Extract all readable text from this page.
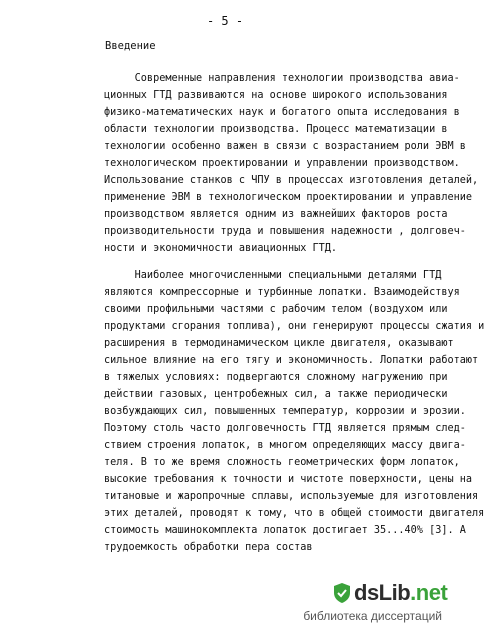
- 5 -
Введение
Современные направления технологии производства авиа-
ционных ГТД развиваются на основе широкого использования
физико-математических наук и богатого опыта исследования в
области технологии производства. Процесс математизации в
технологии особенно важен в связи с возрастанием роли ЭВМ в
технологическом проектировании и управлении производством.
Использование станков с ЧПУ в процессах изготовления деталей,
применение ЭВМ в технологическом проектировании и управление
производством является одним из важнейших факторов роста
производительности труда и повышения надежности , долговеч-
ности и экономичности авиационных ГТД.
Наиболее многочисленными специальными деталями ГТД
являются компрессорные и турбинные лопатки. Взаимодействуя
своими профильными частями с рабочим телом (воздухом или
продуктами сгорания топлива), они генерируют процессы сжатия и
расширения в термодинамическом цикле двигателя, оказывают
сильное влияние на его тягу и экономичность. Лопатки работают
в тяжелых условиях: подвергаются сложному нагружению при
действии газовых, центробежных сил, а также периодически
возбуждающих сил, повышенных температур, коррозии и эрозии.
Поэтому столь часто долговечность ГТД является прямым след-
ствием строения лопаток, в многом определяющих массу двига-
теля. В то же время сложность геометрических форм лопаток,
высокие требования к точности и чистоте поверхности, цены на
титановые и жаропрочные сплавы, используемые для изготовления
этих деталей, проводят к тому, что в общей стоимости двигателя
стоимость машинокомплекта лопаток достигает 35...40% [3]. А
трудоемкость обработки пера состав
dsLib.net
библиотека диссертаций
